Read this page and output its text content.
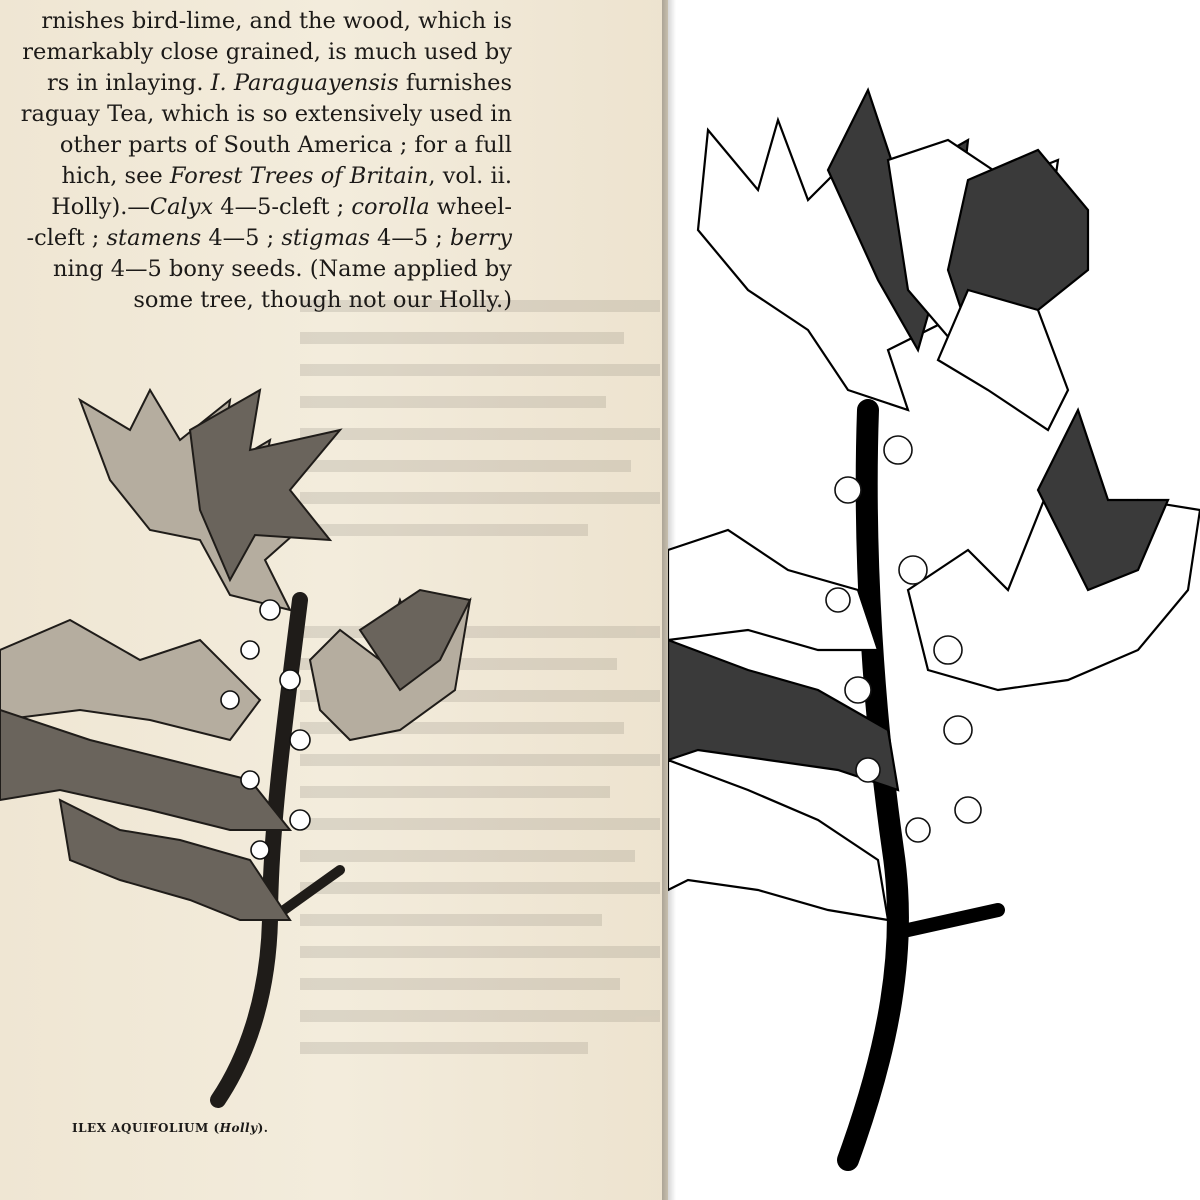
rnishes bird-lime, and the wood, which is
remarkably close grained, is much used by
rs in inlaying. I. Paraguayensis furnishes
raguay Tea, which is so extensively used in
other parts of South America ; for a full
hich, see Forest Trees of Britain, vol. ii.
Holly).—Calyx 4—5-cleft ; corolla wheel-
-cleft ; stamens 4—5 ; stigmas 4—5 ; berry
ning 4—5 bony seeds. (Name applied by
some tree, though not our Holly.)
ILEX AQUIFOLIUM (Holly).
